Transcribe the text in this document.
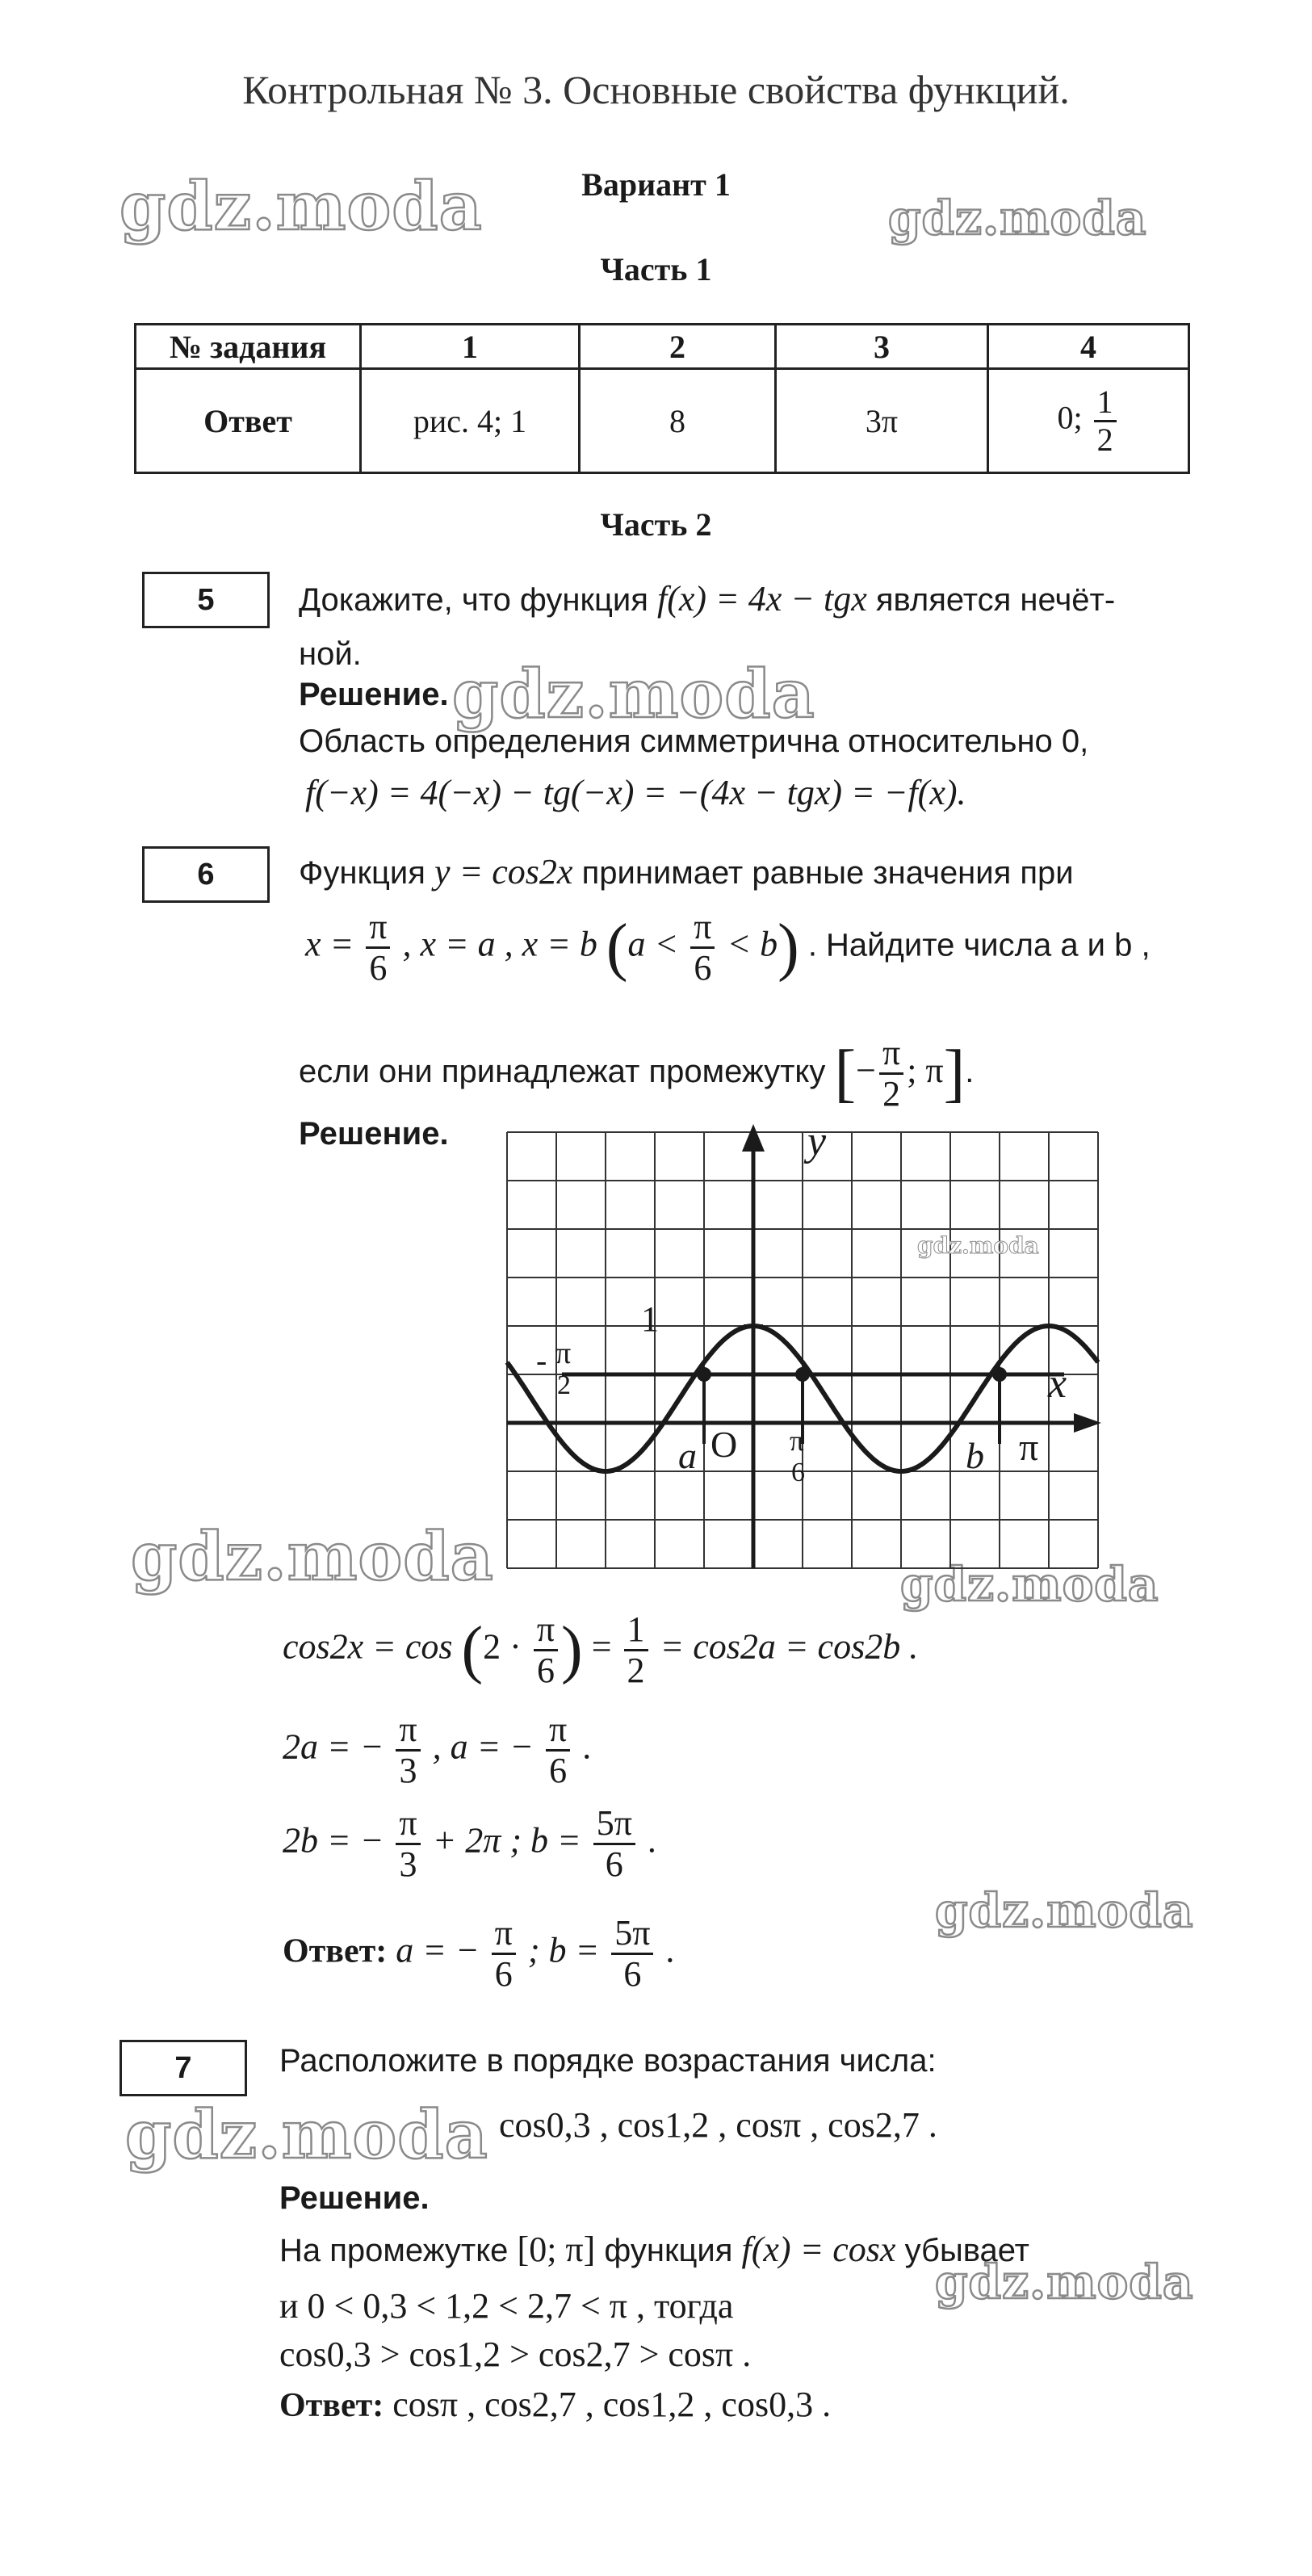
Контрольная № 3. Основные свойства функций.
Вариант 1
Часть 1
gdz.moda	gdz.moda
gdz.moda
gdz.moda	gdz.moda
gdz.moda
gdz.moda
gdz.moda
№ задания	1	2	3	4
Ответ	рис. 4; 1	8	3π	0; $\frac{1}{2}$
Часть 2
5	Докажите, что функция f(x) = 4x − tgx является нечёт-
ной.
Решение.
Область определения симметрична относительно 0,
f(−x) = 4(−x) − tg(−x) = −(4x − tgx) = −f(x).
6	Функция y = cos2x принимает равные значения при
$x = \frac{\pi}{6}$ , x = a , x = b $(a < \frac{\pi}{6} < b)$ . Найдите числа a и b ,
если они принадлежат промежутку [− $\frac{\pi}{2}$ ; π].
Решение.	y
x
1
- π
2
O
a	π
6	b π
gdz.moda
$\cos 2x = \cos (2 \cdot \frac{\pi}{6}$ ) = $\frac{1}{2} = \cos 2a = \cos 2b$ .
2a = − $\frac{\pi}{3}$ , a = − $\frac{\pi}{6}$ .
2b = − $\frac{\pi}{3} + 2\pi$ ; $b = \frac{5\pi}{6}$ .
Ответ: a = − $\frac{\pi}{6}$ ; $b = \frac{5\pi}{6}$ .
7	Расположите в порядке возрастания числа:
cos0,3 , cos1,2 , cosπ , cos2,7 .
Решение.
На промежутке [0; π] функция f(x) = cosx убывает
и 0 < 0,3 < 1,2 < 2,7 < π , тогда
cos0,3 > cos1,2 > cos2,7 > cosπ .
Ответ: cosπ , cos2,7 , cos1,2 , cos0,3 .
